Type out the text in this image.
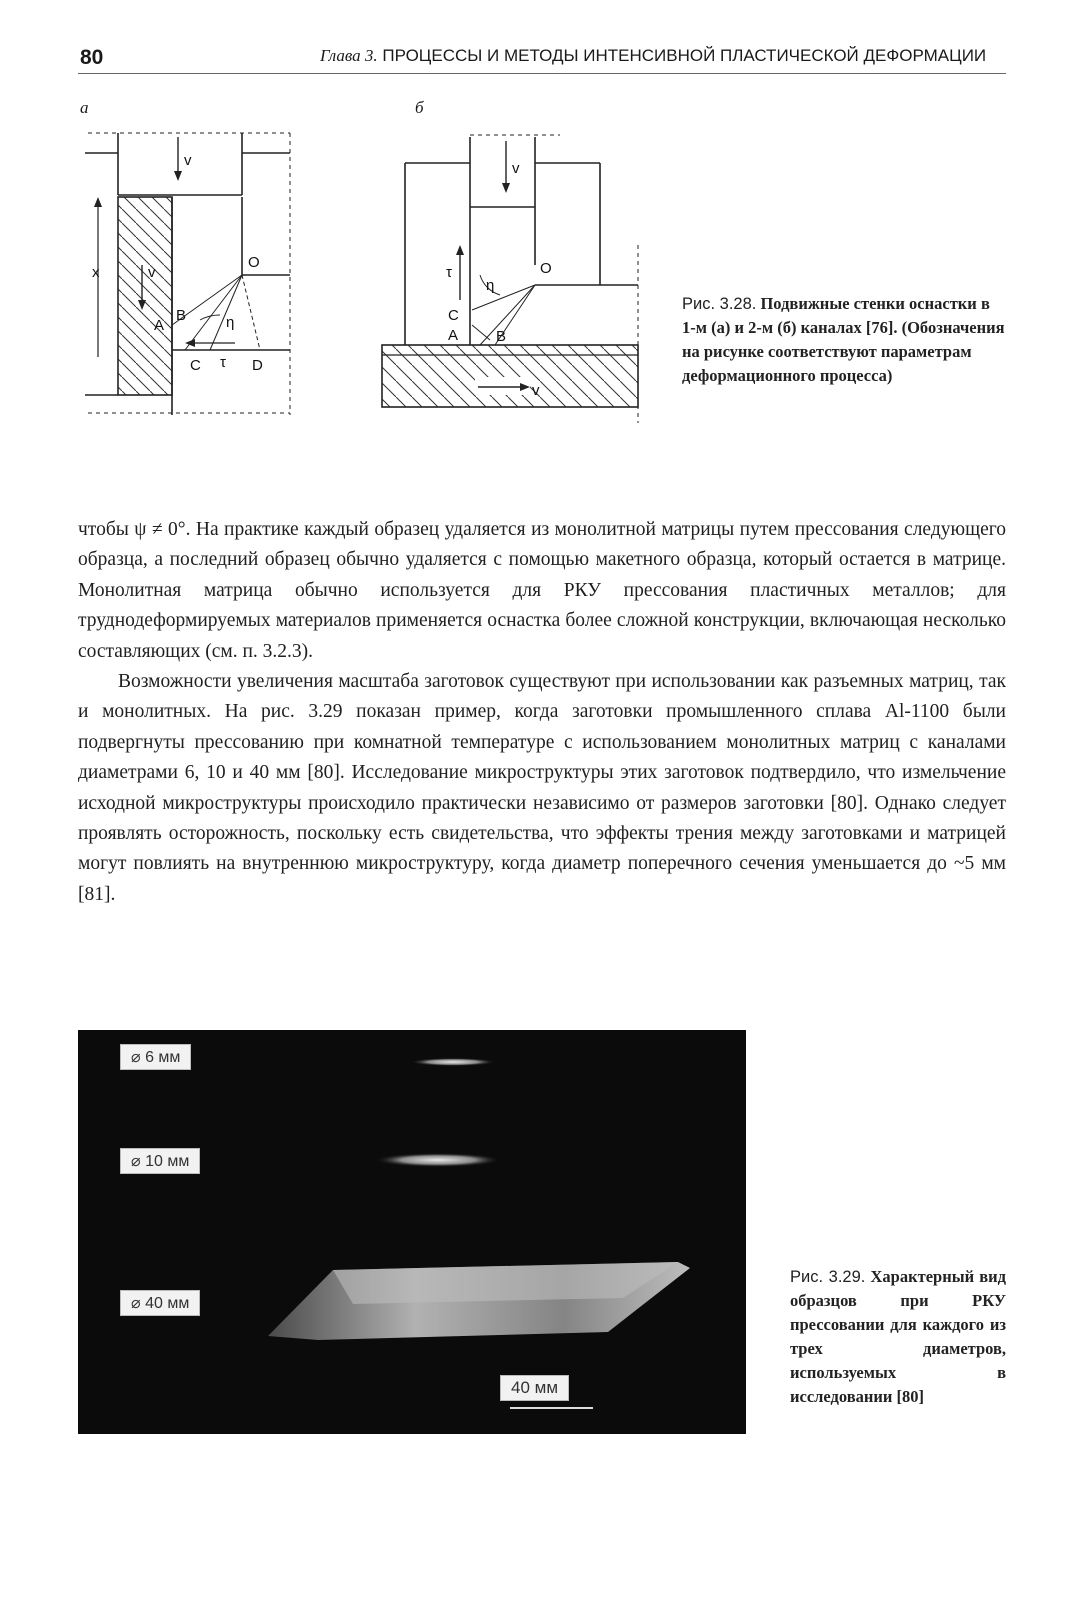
80	Глава 3. ПРОЦЕССЫ И МЕТОДЫ ИНТЕНСИВНОЙ ПЛАСТИЧЕСКОЙ ДЕФОРМАЦИИ
а	б
v
x	v
O
B
A	η
C τ D
v
τ
η
O
C
A	B
v
Рис. 3.28. Подвижные стенки оснастки в 1-м (а) и 2-м (б) каналах [76]. (Обозначения на рисунке соответствуют параметрам деформационного процесса)

чтобы ψ ≠ 0°. На практике каждый образец удаляется из монолитной матрицы путем прессования следующего образца, а последний образец обычно удаляется с помощью макетного образца, который остается в матрице. Монолитная матрица обычно используется для РКУ прессования пластичных металлов; для труднодеформируемых материалов применяется оснастка более сложной конструкции, включающая несколько составляющих (см. п. 3.2.3).

Возможности увеличения масштаба заготовок существуют при использовании как разъемных матриц, так и монолитных. На рис. 3.29 показан пример, когда заготовки промышленного сплава Al-1100 были подвергнуты прессованию при комнатной температуре с использованием монолитных матриц с каналами диаметрами 6, 10 и 40 мм [80]. Исследование микроструктуры этих заготовок подтвердило, что измельчение исходной микроструктуры происходило практически независимо от размеров заготовки [80]. Однако следует проявлять осторожность, поскольку есть свидетельства, что эффекты трения между заготовками и матрицей могут повлиять на внутреннюю микроструктуру, когда диаметр поперечного сечения уменьшается до ~5 мм [81].

⌀ 6 мм
⌀ 10 мм
⌀ 40 мм
40 мм
Рис. 3.29. Характерный вид образцов при РКУ прессовании для каждого из трех диаметров, используемых в исследовании [80]
